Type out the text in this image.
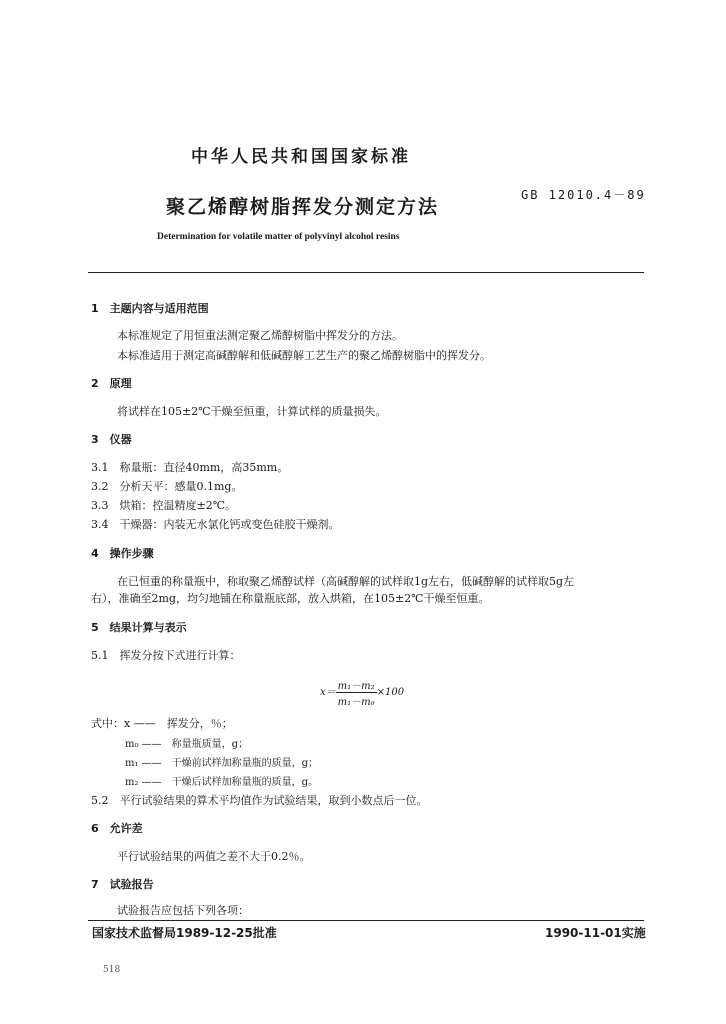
中华人民共和国国家标准
聚乙烯醇树脂挥发分测定方法
GB 12010.4－89
Determination for volatile matter of polyvinyl alcohol resins
1　主题内容与适用范围
本标准规定了用恒重法测定聚乙烯醇树脂中挥发分的方法。
本标准适用于测定高碱醇解和低碱醇解工艺生产的聚乙烯醇树脂中的挥发分。
2　原理
将试样在105±2℃干燥至恒重，计算试样的质量损失。
3　仪器
3.1　称量瓶：直径40mm，高35mm。
3.2　分析天平：感量0.1mg。
3.3　烘箱：控温精度±2℃。
3.4　干燥器：内装无水氯化钙或变色硅胶干燥剂。
4　操作步骤
在已恒重的称量瓶中，称取聚乙烯醇试样（高碱醇解的试样取1g左右，低碱醇解的试样取5g左
右），准确至2mg，均匀地铺在称量瓶底部，放入烘箱，在105±2℃干燥至恒重。
5　结果计算与表示
5.1　挥发分按下式进行计算：
$x= \frac{\text{m₁－m₂}}{\text{m₁－m₀}} \times 100$
式中：x ——　挥发分，％；
m₀ ——　称量瓶质量，g；
m₁ ——　干燥前试样加称量瓶的质量，g；
m₂ ——　干燥后试样加称量瓶的质量，g。
5.2　平行试验结果的算术平均值作为试验结果，取到小数点后一位。
6　允许差
平行试验结果的两值之差不大于0.2％。
7　试验报告
试验报告应包括下列各项：
国家技术监督局1989-12-25批准	1990-11-01实施
518
